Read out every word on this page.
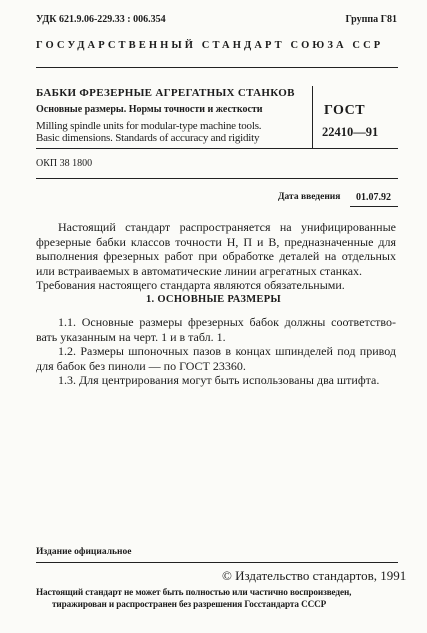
УДК 621.9.06-229.33 : 006.354	Группа Г81
ГОСУДАРСТВЕННЫЙ СТАНДАРТ СОЮЗА ССР
БАБКИ ФРЕЗЕРНЫЕ АГРЕГАТНЫХ СТАНКОВ
Основные размеры. Нормы точности и жесткости
Milling spindle units for modular-type machine tools.
Basic dimensions. Standards of accuracy and rigidity
ГОСТ
22410—91
ОКП 38 1800
Дата введения 01.07.92
Настоящий стандарт распространяется на унифицированные
фрезерные бабки классов точности Н, П и В, предназначенные для
выполнения фрезерных работ при обработке деталей на отдельных
или встраиваемых в автоматические линии агрегатных станках.
Требования настоящего стандарта являются обязательными.
1. ОСНОВНЫЕ РАЗМЕРЫ
1.1. Основные размеры фрезерных бабок должны соответство-
вать указанным на черт. 1 и в табл. 1.
1.2. Размеры шпоночных пазов в концах шпинделей под привод
для бабок без пиноли — по ГОСТ 23360.
1.3. Для центрирования могут быть использованы два штифта.
Издание официальное
© Издательство стандартов, 1991
Настоящий стандарт не может быть полностью или частично воспроизведен,
тиражирован и распространен без разрешения Госстандарта СССР
